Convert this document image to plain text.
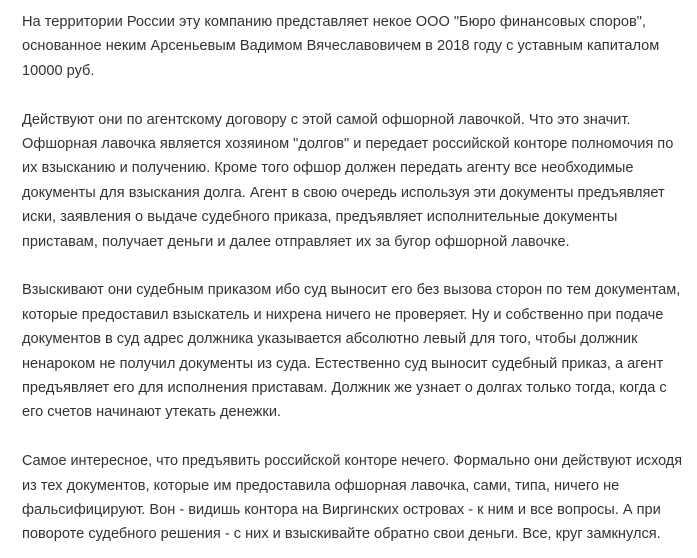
На территории России эту компанию представляет некое ООО "Бюро финансовых споров",
основанное неким Арсеньевым Вадимом Вячеславовичем в 2018 году с уставным капиталом
10000 руб.

Действуют они по агентскому договору с этой самой офшорной лавочкой. Что это значит.
Офшорная лавочка является хозяином "долгов" и передает российской конторе полномочия по
их взысканию и получению. Кроме того офшор должен передать агенту все необходимые
документы для взыскания долга. Агент в свою очередь используя эти документы предъявляет
иски, заявления о выдаче судебного приказа, предъявляет исполнительные документы
приставам, получает деньги и далее отправляет их за бугор офшорной лавочке.

Взыскивают они судебным приказом ибо суд выносит его без вызова сторон по тем документам,
которые предоставил взыскатель и нихрена ничего не проверяет. Ну и собственно при подаче
документов в суд адрес должника указывается абсолютно левый для того, чтобы должник
ненароком не получил документы из суда. Естественно суд выносит судебный приказ, а агент
предъявляет его для исполнения приставам. Должник же узнает о долгах только тогда, когда с
его счетов начинают утекать денежки.

Самое интересное, что предъявить российской конторе нечего. Формально они действуют исходя
из тех документов, которые им предоставила офшорная лавочка, сами, типа, ничего не
фальсифицируют. Вон - видишь контора на Виргинских островах - к ним и все вопросы. А при
повороте судебного решения - с них и взыскивайте обратно свои деньги. Все, круг замкнулся.
